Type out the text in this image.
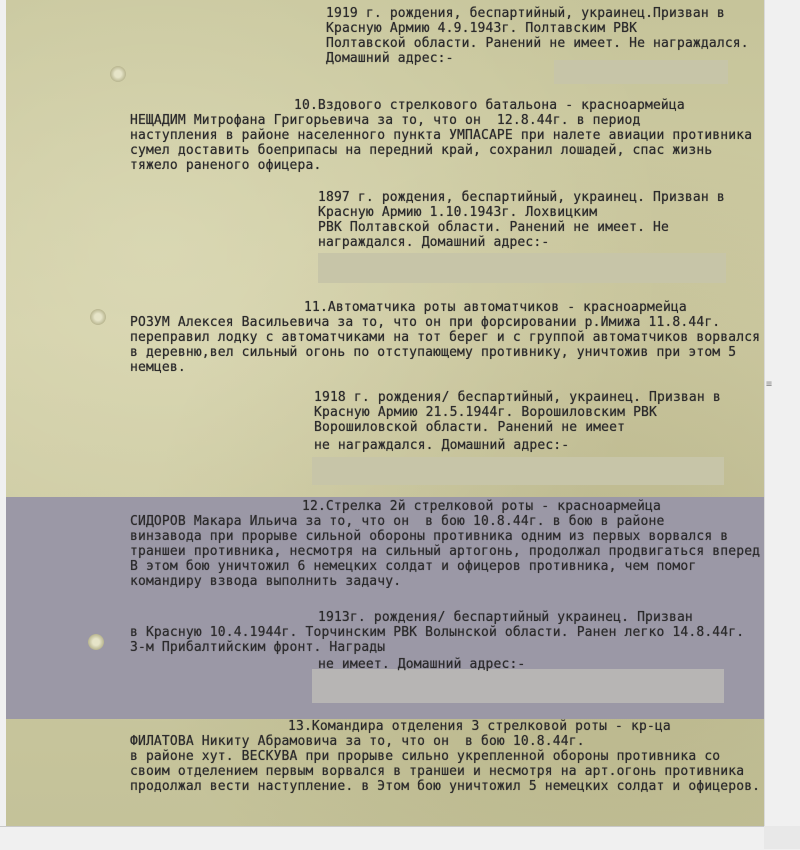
1919 г. рождения, беспартийный, украинец.Призван в Красную Армию 4.9.1943г. Полтавским РВК
Полтавской области. Ранений не имеет. Не награждался. Домашний адрес:-
10.Вздового стрелкового батальона - красноармейца
НЕЩАДИМ Митрофана Григорьевича за то, что он  12.8.44г. в период
наступления в районе населенного пункта УМПАСАРЕ при налете авиации противника сумел доставить боеприпасы на передний край, сохранил лошадей, спас жизнь тяжело раненого офицера.
1897 г. рождения, беспартийный, украинец. Призван в Красную Армию 1.10.1943г. Лохвицким
РВК Полтавской области. Ранений не имеет. Не награждался. Домашний адрес:-
11.Автоматчика роты автоматчиков - красноармейца
РОЗУМ Алексея Васильевича за то, что он при форсировании р.Имижа 11.8.44г. переправил лодку с автоматчиками на тот берег и с группой автоматчиков ворвался в деревню,вел сильный огонь по отступающему противнику, уничтожив при этом 5 немцев.
1918 г. рождения/ беспартийный, украинец. Призван в Красную Армию 21.5.1944г. Ворошиловским РВК Ворошиловской области. Ранений не имеет
не награждался. Домашний адрес:-
12.Стрелка 2й стрелковой роты - красноармейца
СИДОРОВ Макара Ильича за то, что он  в бою 10.8.44г. в бою в районе
винзавода при прорыве сильной обороны противника одним из первых ворвался в траншеи противника, несмотря на сильный артогонь, продолжал продвигаться вперед В этом бою уничтожил 6 немецких солдат и офицеров противника, чем помог командиру взвода выполнить задачу.
1913г. рождения/ беспартийный украинец. Призван
в Красную 10.4.1944г. Торчинским РВК Волынской области. Ранен легко 14.8.44г. 3-м Прибалтийским фронт. Награды
не имеет. Домашний адрес:-
13.Командира отделения 3 стрелковой роты - кр-ца
ФИЛАТОВА Никиту Абрамовича за то, что он  в бою 10.8.44г.
в районе хут. ВЕСКУВА при прорыве сильно укрепленной обороны противника со своим отделением первым ворвался в траншеи и несмотря на арт.огонь противника продолжал вести наступление. в Этом бою уничтожил 5 немецких солдат и офицеров.
≡
